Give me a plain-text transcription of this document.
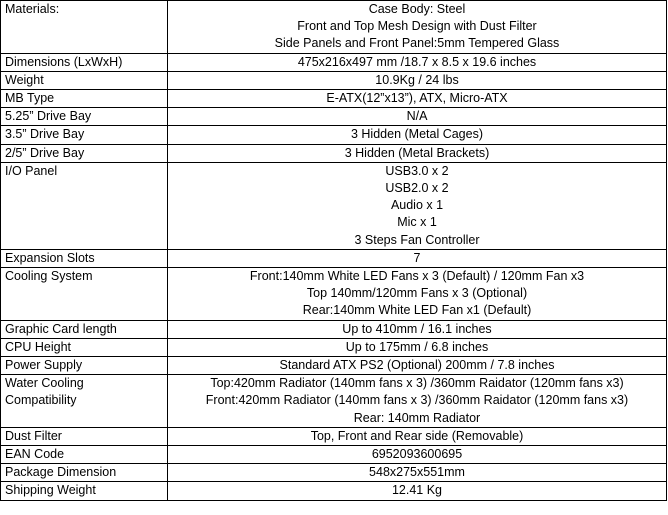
Materials:	Case Body: Steel
Front and Top Mesh Design with Dust Filter
Side Panels and Front Panel:5mm Tempered Glass

Dimensions (LxWxH)	475x216x497 mm /18.7 x 8.5 x 19.6 inches
Weight	10.9Kg / 24 lbs
MB Type	E-ATX(12”x13”), ATX, Micro-ATX
5.25” Drive Bay	N/A
3.5” Drive Bay	3 Hidden (Metal Cages)
2/5” Drive Bay	3 Hidden (Metal Brackets)
I/O Panel	USB3.0 x 2
USB2.0 x 2
Audio x 1
Mic x 1
3 Steps Fan Controller

Expansion Slots	7
Cooling System	Front:140mm White LED Fans x 3 (Default) / 120mm Fan x3
Top 140mm/120mm Fans x 3 (Optional)
Rear:140mm White LED Fan x1 (Default)

Graphic Card length	Up to 410mm / 16.1 inches
CPU Height	Up to 175mm / 6.8 inches
Power Supply	Standard ATX PS2 (Optional) 200mm / 7.8 inches

Water Cooling
Compatibility	Top:420mm Radiator (140mm fans x 3) /360mm Raidator (120mm fans x3)
Front:420mm Radiator (140mm fans x 3) /360mm Raidator (120mm fans x3)
Rear: 140mm Radiator

Dust Filter	Top, Front and Rear side (Removable)
EAN Code	6952093600695
Package Dimension	548x275x551mm
Shipping Weight	12.41 Kg
